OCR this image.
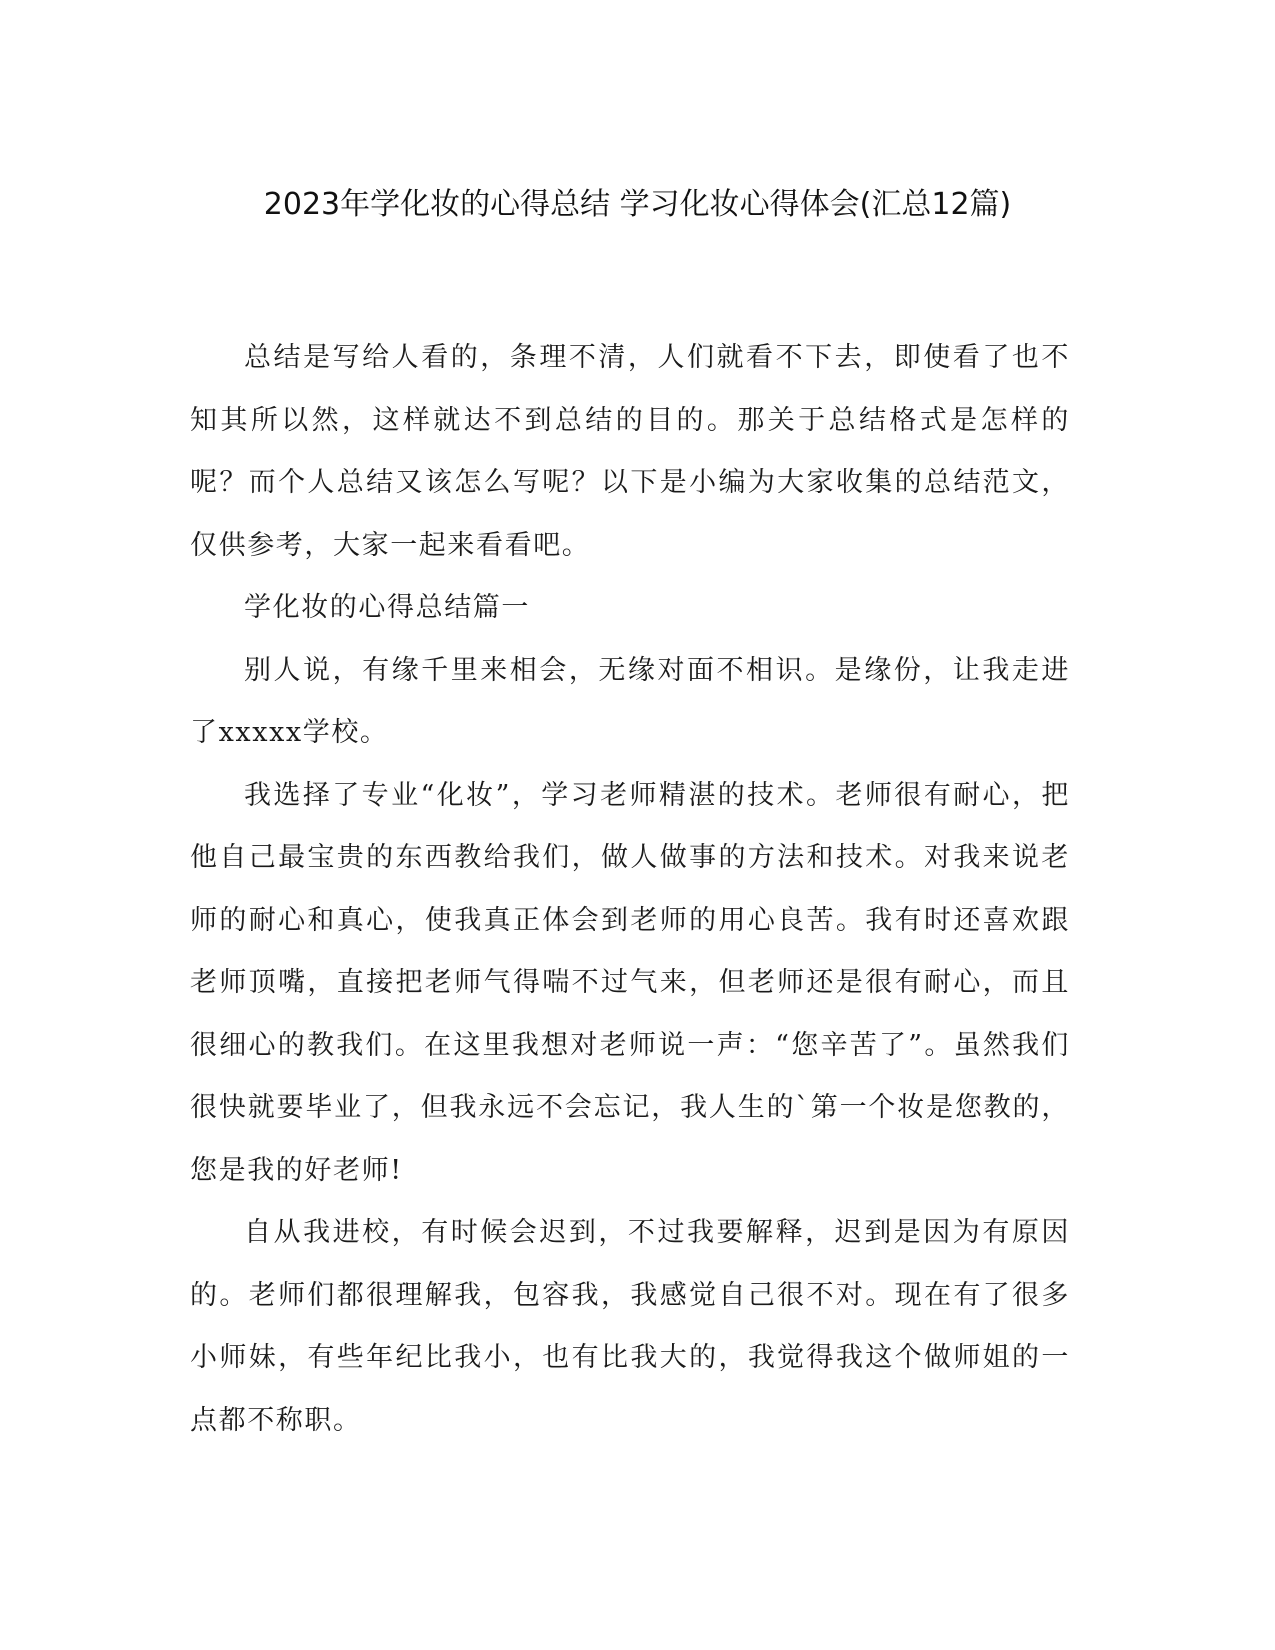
2023年学化妆的心得总结 学习化妆心得体会(汇总12篇)

总结是写给人看的，条理不清，人们就看不下去，即使看了也不知其所以然，这样就达不到总结的目的。那关于总结格式是怎样的呢？而个人总结又该怎么写呢？以下是小编为大家收集的总结范文，仅供参考，大家一起来看看吧。

学化妆的心得总结篇一

别人说，有缘千里来相会，无缘对面不相识。是缘份，让我走进了xxxxx学校。

我选择了专业“化妆”，学习老师精湛的技术。老师很有耐心，把他自己最宝贵的东西教给我们，做人做事的方法和技术。对我来说老师的耐心和真心，使我真正体会到老师的用心良苦。我有时还喜欢跟老师顶嘴，直接把老师气得喘不过气来，但老师还是很有耐心，而且很细心的教我们。在这里我想对老师说一声：“您辛苦了”。虽然我们很快就要毕业了，但我永远不会忘记，我人生的`第一个妆是您教的，您是我的好老师!

自从我进校，有时候会迟到，不过我要解释，迟到是因为有原因的。老师们都很理解我，包容我，我感觉自己很不对。现在有了很多小师妹，有些年纪比我小，也有比我大的，我觉得我这个做师姐的一点都不称职。
